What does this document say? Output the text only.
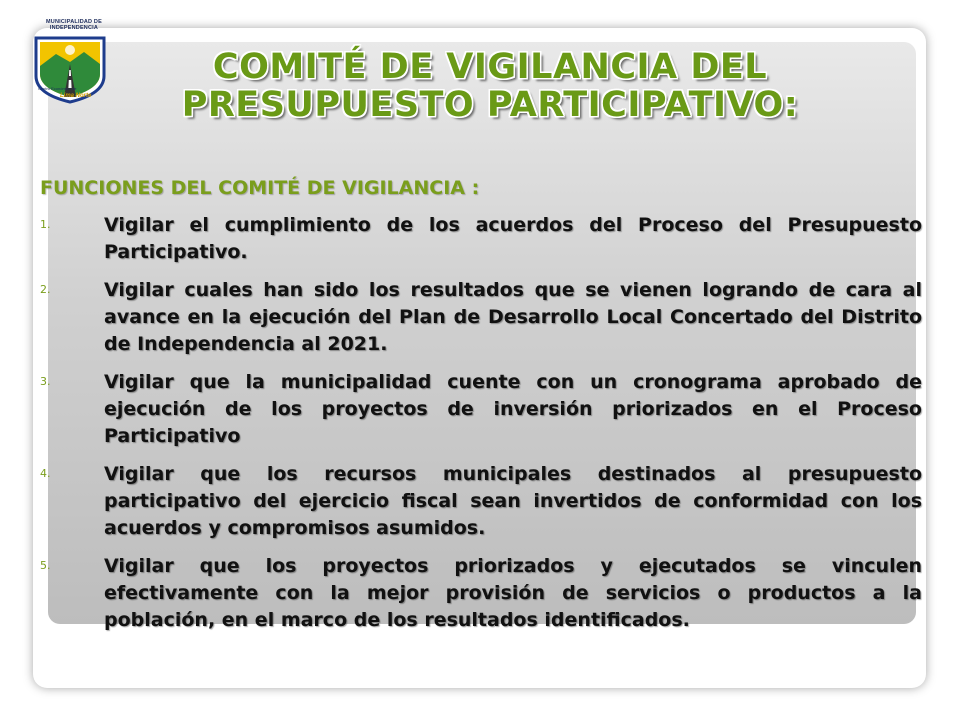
MUNICIPALIDAD DE INDEPENDENCIA
Centro Económico de
Lima Norte
COMITÉ DE VIGILANCIA DEL
PRESUPUESTO PARTICIPATIVO:
FUNCIONES DEL COMITÉ DE VIGILANCIA :
1.	Vigilar el cumplimiento de los acuerdos del Proceso del Presupuesto Participativo.
2.	Vigilar cuales han sido los resultados que se vienen logrando de cara al avance en la ejecución del Plan de Desarrollo Local Concertado del Distrito de Independencia al 2021.
3.	Vigilar que la municipalidad cuente con un cronograma aprobado de ejecución de los proyectos de inversión priorizados en el Proceso Participativo
4.	Vigilar que los recursos municipales destinados al presupuesto participativo del ejercicio fiscal sean invertidos de conformidad con los acuerdos y compromisos asumidos.
5.	Vigilar que los proyectos priorizados y ejecutados se vinculen efectivamente con la mejor provisión de servicios o productos a la población, en el marco de los resultados identificados.
